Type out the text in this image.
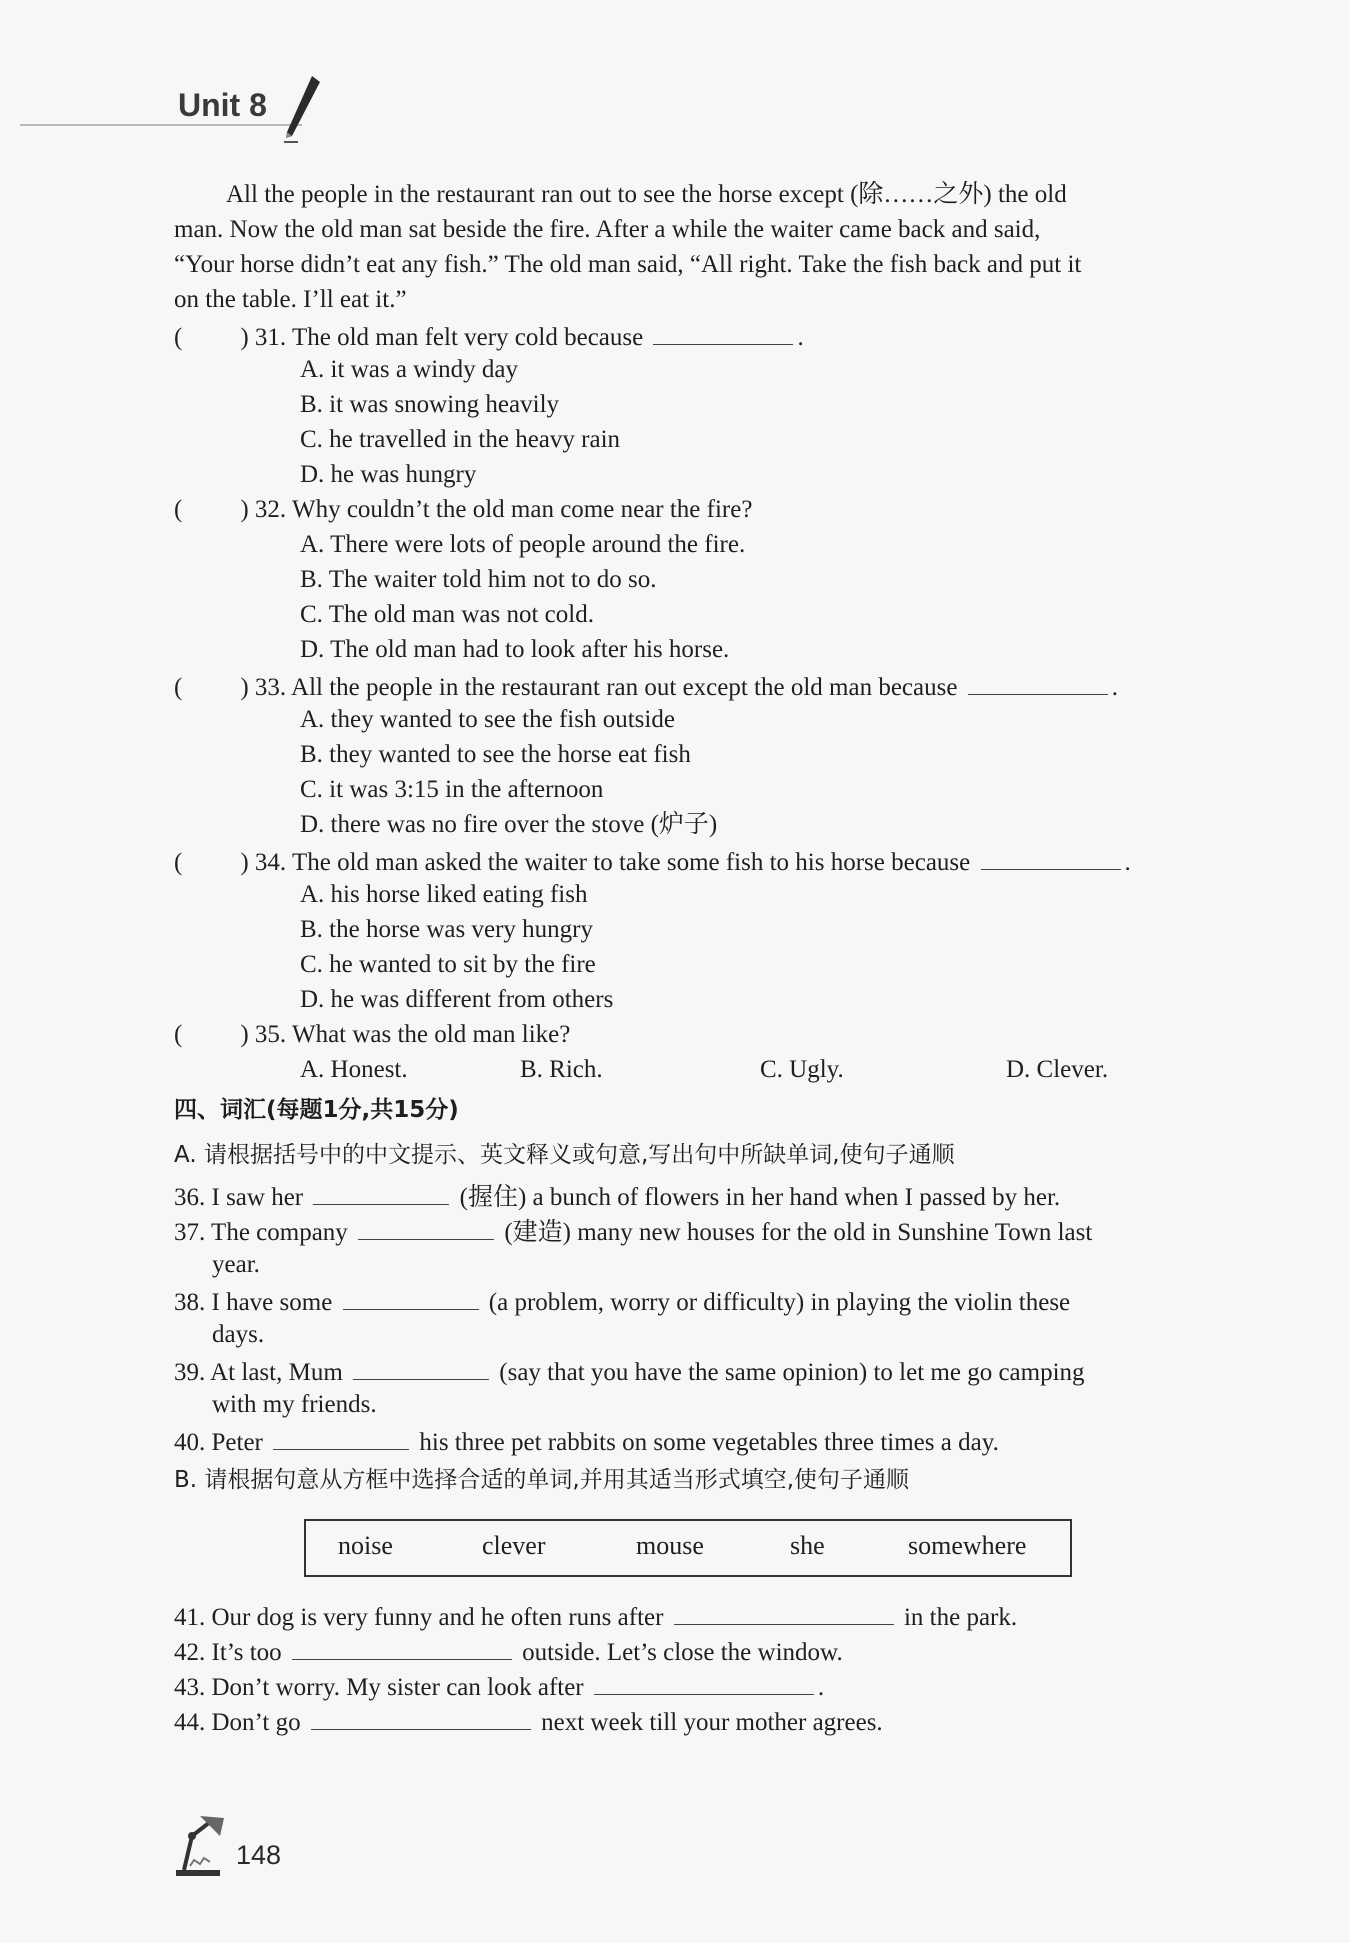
Unit 8
All the people in the restaurant ran out to see the horse except (除……之外) the old
man. Now the old man sat beside the fire. After a while the waiter came back and said,
“Your horse didn’t eat any fish.” The old man said, “All right. Take the fish back and put it
on the table. I’ll eat it.”
( ) 31. The old man felt very cold because	.
A. it was a windy day
B. it was snowing heavily
C. he travelled in the heavy rain
D. he was hungry
( ) 32. Why couldn’t the old man come near the fire?
A. There were lots of people around the fire.
B. The waiter told him not to do so.
C. The old man was not cold.
D. The old man had to look after his horse.
( ) 33. All the people in the restaurant ran out except the old man because	.
A. they wanted to see the fish outside
B. they wanted to see the horse eat fish
C. it was 3:15 in the afternoon
D. there was no fire over the stove (炉子)
( ) 34. The old man asked the waiter to take some fish to his horse because	.
A. his horse liked eating fish
B. the horse was very hungry
C. he wanted to sit by the fire
D. he was different from others
( ) 35. What was the old man like?
A. Honest.	B. Rich.	C. Ugly.	D. Clever.
四、词汇(每题1分,共15分)
A. 请根据括号中的中文提示、英文释义或句意,写出句中所缺单词,使句子通顺
36. I saw her	(握住) a bunch of flowers in her hand when I passed by her.
37. The company	(建造) many new houses for the old in Sunshine Town last
year.
38. I have some	(a problem, worry or difficulty) in playing the violin these
days.
39. At last, Mum	(say that you have the same opinion) to let me go camping
with my friends.
40. Peter	his three pet rabbits on some vegetables three times a day.
B. 请根据句意从方框中选择合适的单词,并用其适当形式填空,使句子通顺
noise	clever	mouse	she	somewhere
41. Our dog is very funny and he often runs after	in the park.
42. It’s too	outside. Let’s close the window.
43. Don’t worry. My sister can look after	.
44. Don’t go	next week till your mother agrees.
148
